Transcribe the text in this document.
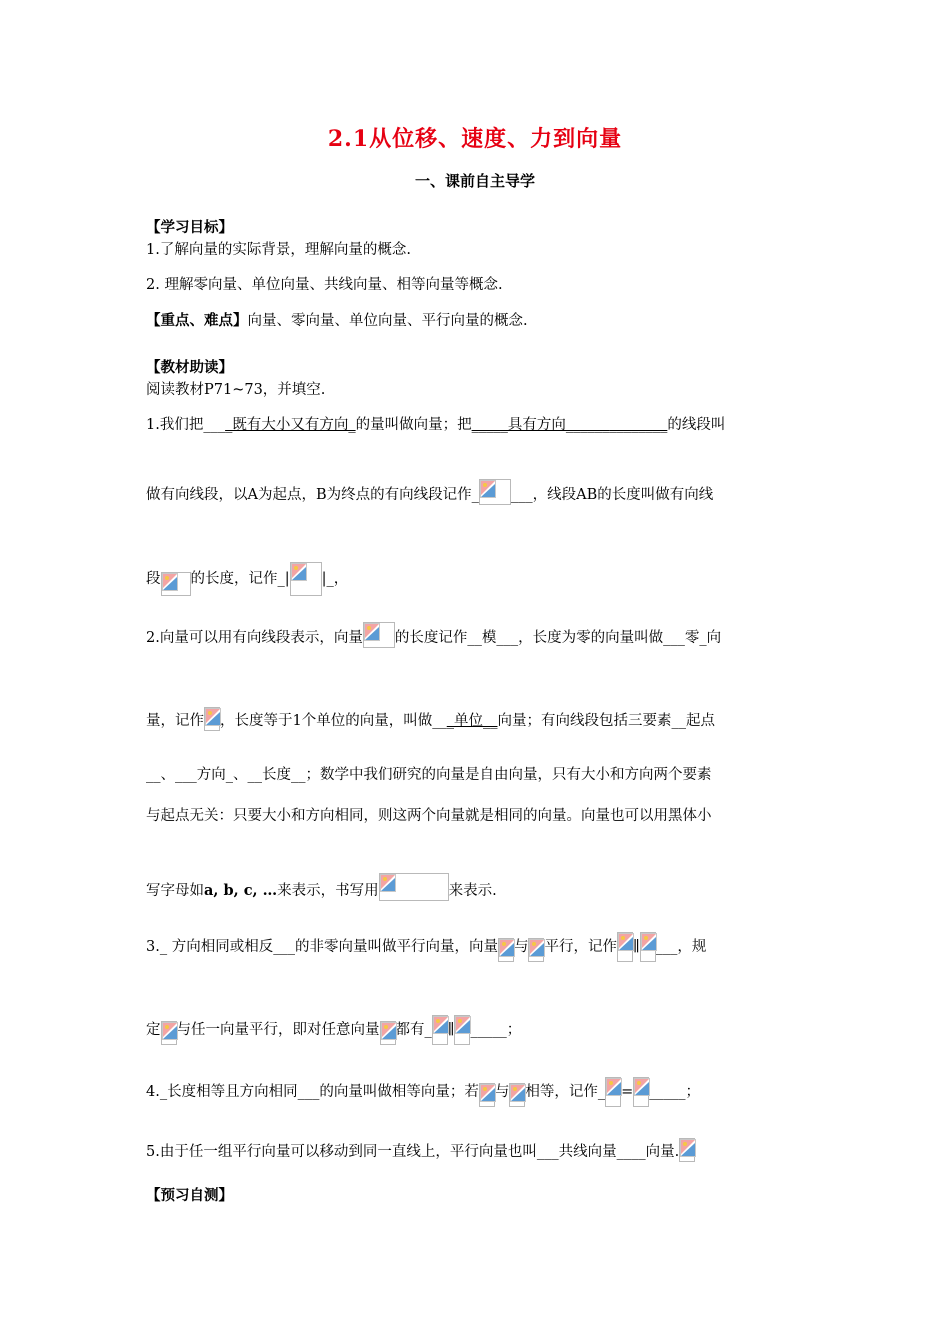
2.1从位移、速度、力到向量
一、课前自主导学
【学习目标】
1.了解向量的实际背景，理解向量的概念.
2. 理解零向量、单位向量、共线向量、相等向量等概念.
【重点、难点】向量、零向量、单位向量、平行向量的概念.
【教材助读】
阅读教材P71~73，并填空.
1.我们把____既有大小又有方向_的量叫做向量；把_____具有方向______________的线段叫
做有向线段，以A为起点，B为终点的有向线段记作_ ___，线段AB的长度叫做有向线
段 的长度，记作_| |_，
2.向量可以用有向线段表示，向量 的长度记作__模___，长度为零的向量叫做___零_向
量，记作 ，长度等于1个单位的向量，叫做___单位__向量；有向线段包括三要素__起点
__、___方向_、__长度__；数学中我们研究的向量是自由向量，只有大小和方向两个要素
与起点无关：只要大小和方向相同，则这两个向量就是相同的向量。向量也可以用黑体小
写字母如a, b, c, …来表示，书写用	来表示.
3._ 方向相同或相反___的非零向量叫做平行向量，向量 与 平行，记作 ∥ ___，规
定 与任一向量平行，即对任意向量 都有_ ∥ _____；
4._长度相等且方向相同___的向量叫做相等向量；若 与 相等，记作_ = _____；
5.由于任一组平行向量可以移动到同一直线上，平行向量也叫___共线向量____向量.
【预习自测】
